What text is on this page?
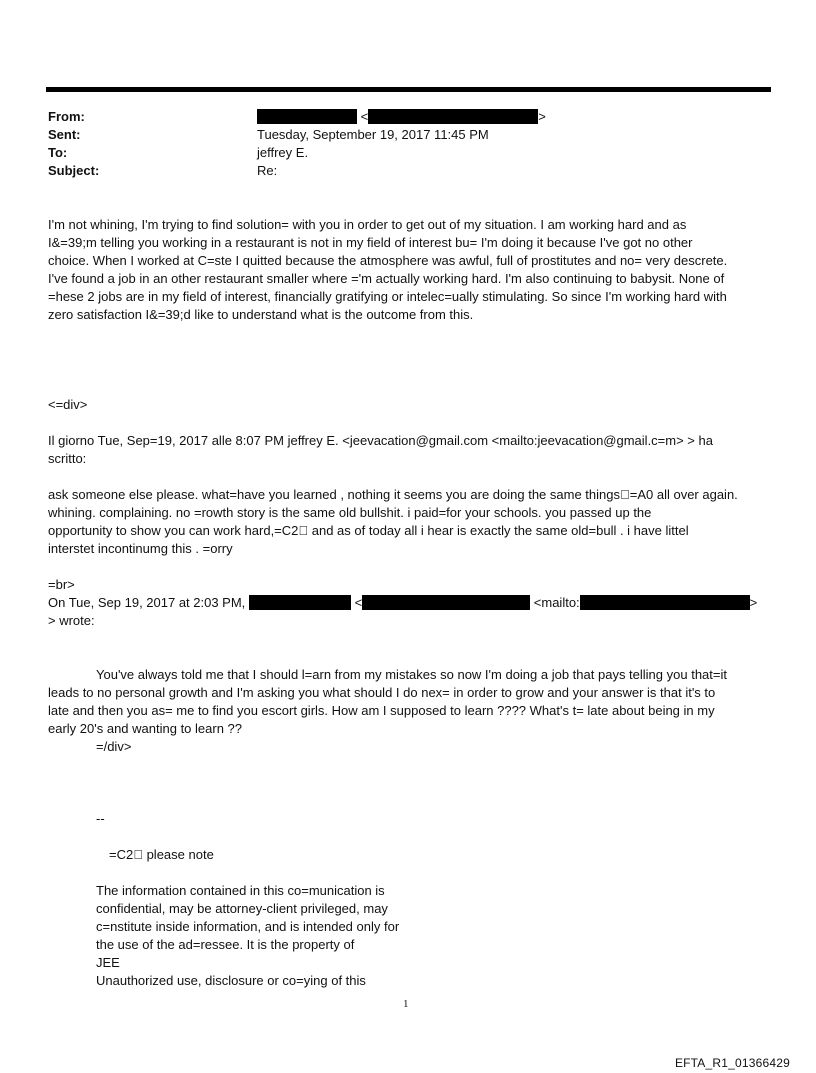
From:	<	>
Sent:	Tuesday, September 19, 2017 11:45 PM
To:	jeffrey E.
Subject:	Re:
I'm not whining, I'm trying to find solution= with you in order to get out of my situation. I am working hard and as
I&=39;m telling you working in a restaurant is not in my field of interest bu= I'm doing it because I've got no other
choice. When I worked at C=ste I quitted because the atmosphere was awful, full of prostitutes and no= very descrete.
I've found a job in an other restaurant smaller where ='m actually working hard. I'm also continuing to babysit. None of
=hese 2 jobs are in my field of interest, financially gratifying or intelec=ually stimulating. So since I'm working hard with
zero satisfaction I&=39;d like to understand what is the outcome from this.
<=div>
Il giorno Tue, Sep=19, 2017 alle 8:07 PM jeffrey E. <jeevacation@gmail.com <mailto:jeevacation@gmail.c=m> > ha
scritto:
ask someone else please. what=have you learned , nothing it seems you are doing the same things =A0 all over again.
whining. complaining. no =rowth story is the same old bullshit. i paid=for your schools. you passed up the
opportunity to show you can work hard,=C2  and as of today all i hear is exactly the same old=bull . i have littel
interstet incontinumg this . =orry
=br>
On Tue, Sep 19, 2017 at 2:03 PM,	<	<mailto:	>
> wrote:
You've always told me that I should l=arn from my mistakes so now I'm doing a job that pays telling you that=it
leads to no personal growth and I'm asking you what should I do nex= in order to grow and your answer is that it's to
late and then you as= me to find you escort girls. How am I supposed to learn ???? What's t= late about being in my
early 20's and wanting to learn ??
=/div>
--
=C2  please note
The information contained in this co=munication is
confidential, may be attorney-client privileged, may
c=nstitute inside information, and is intended only for
the use of the ad=ressee. It is the property of
JEE
Unauthorized use, disclosure or co=ying of this
1
EFTA_R1_01366429
